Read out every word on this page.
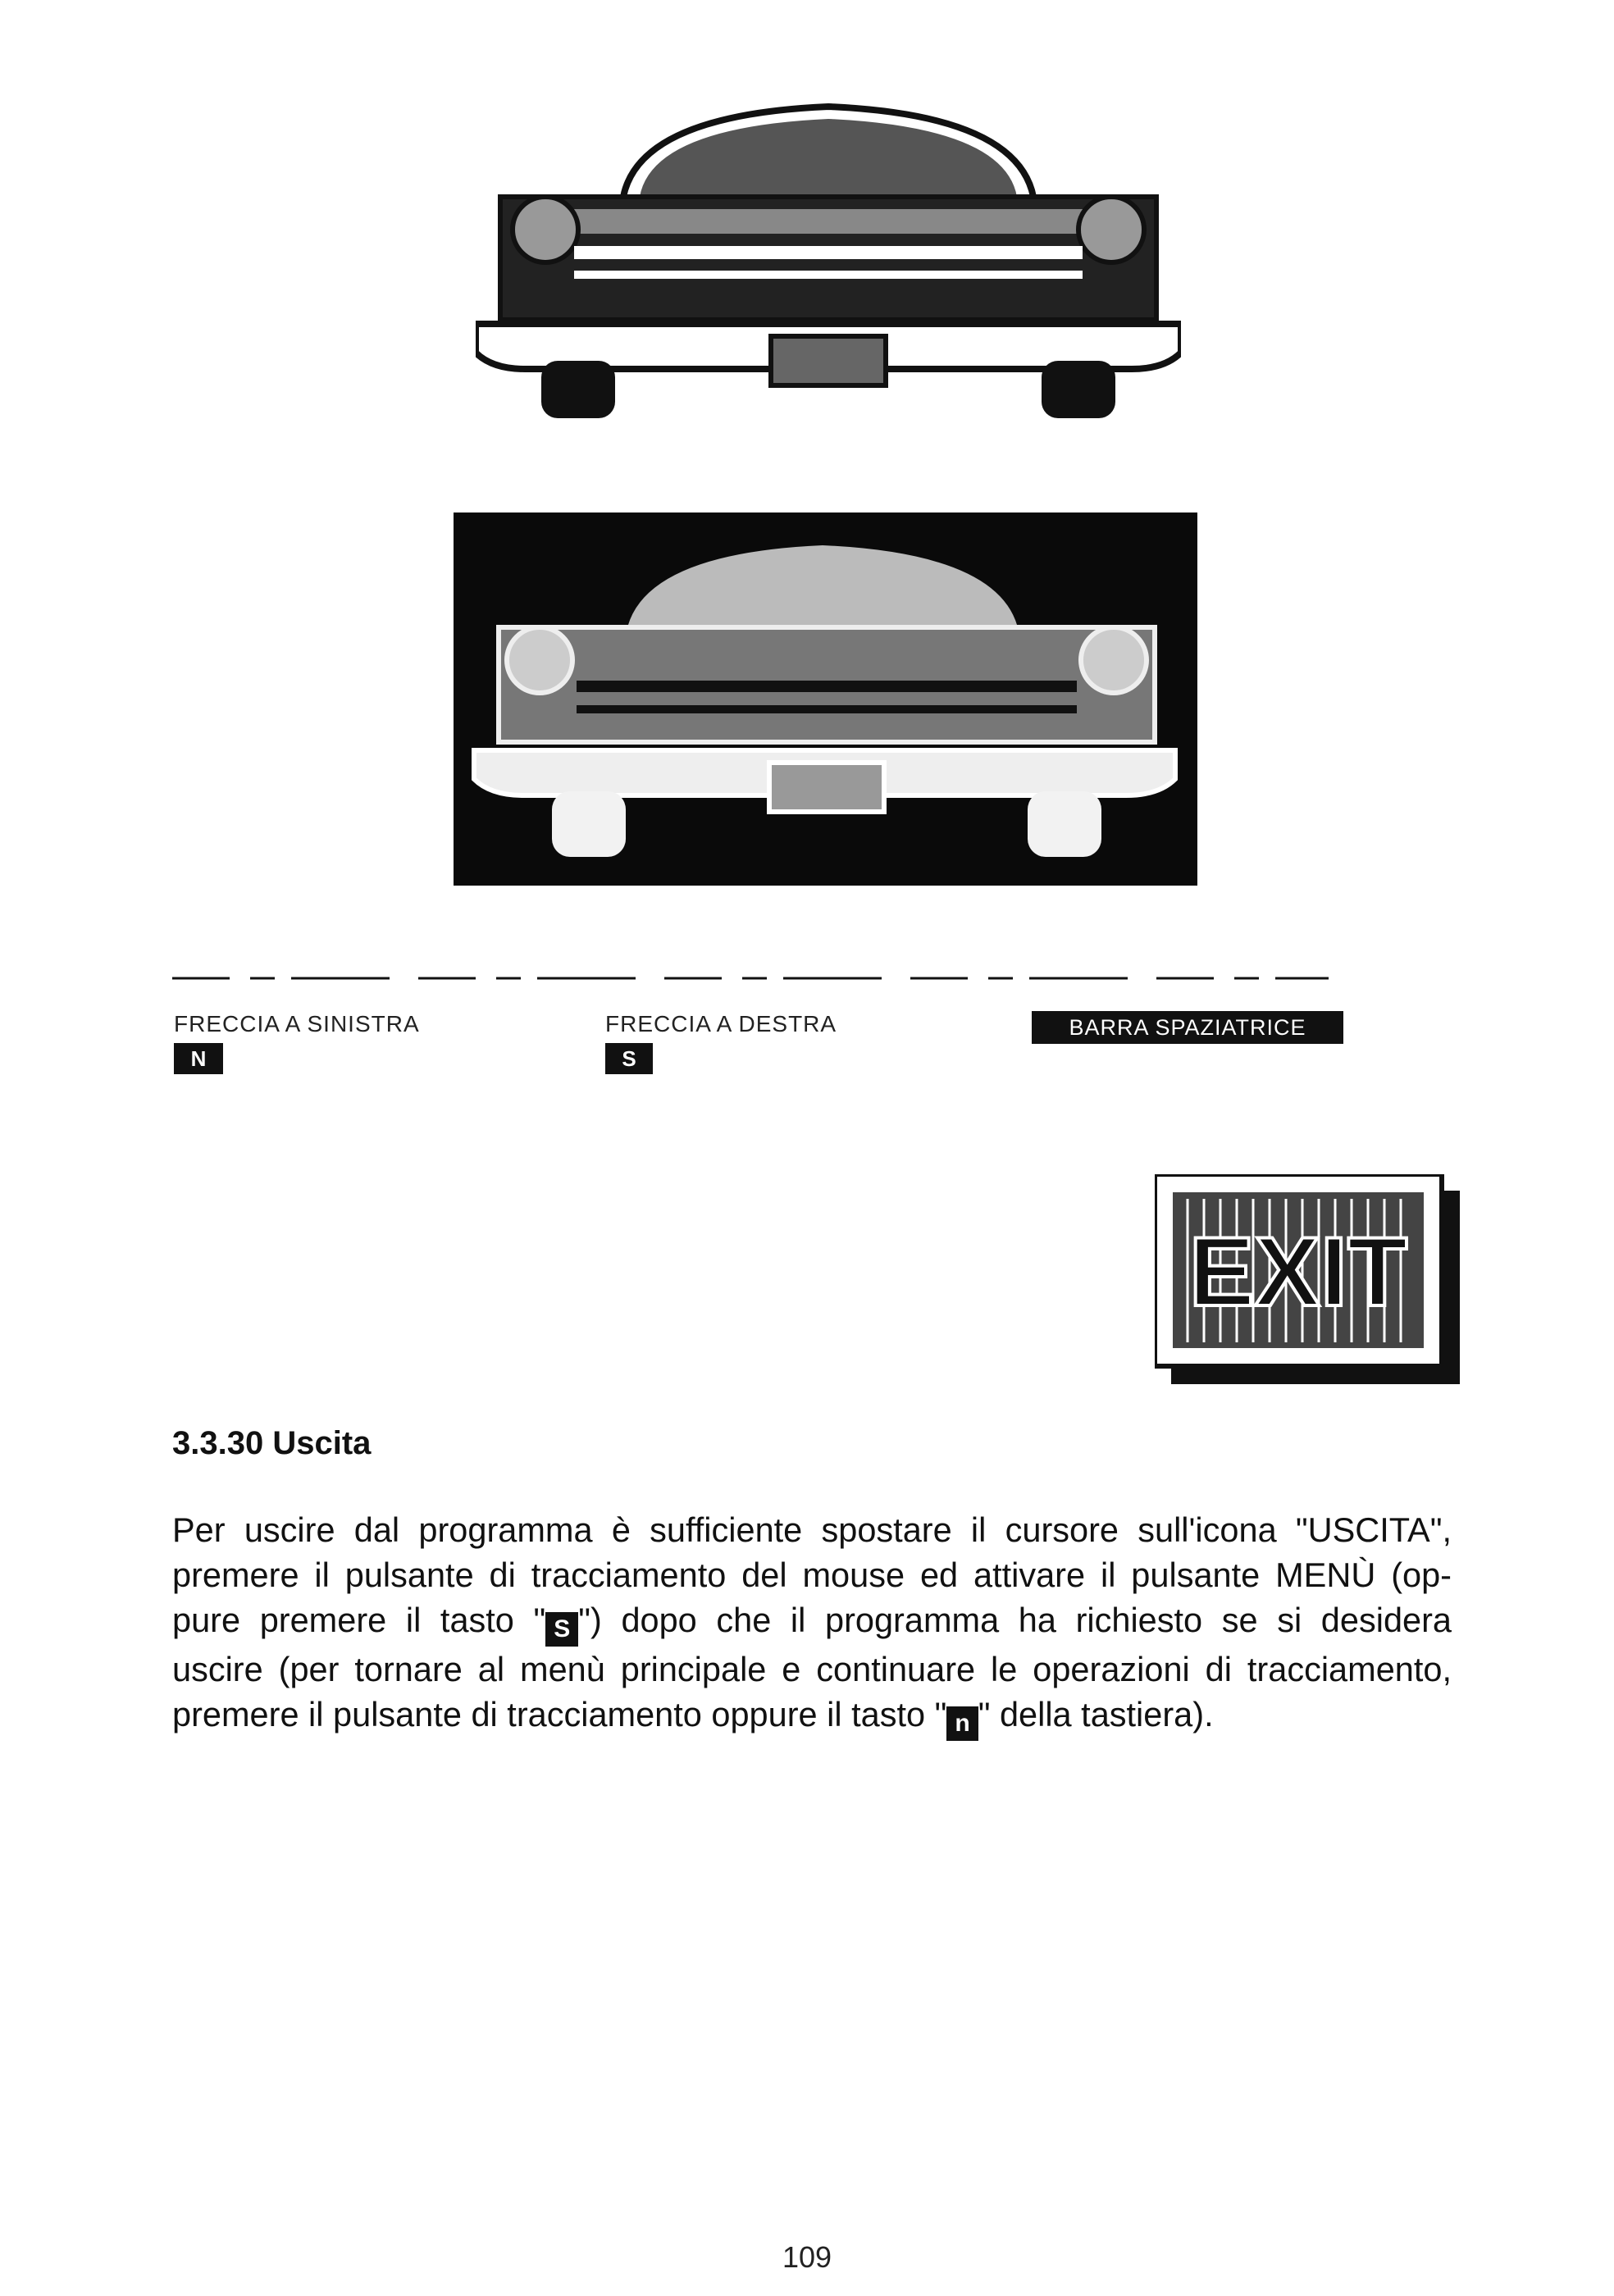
FRECCIA A SINISTRA
N
FRECCIA A DESTRA
S
BARRA SPAZIATRICE
EXIT
3.3.30 Uscita
Per uscire dal programma è sufficiente spostare il cursore sull'icona "USCITA",
premere il pulsante di tracciamento del mouse ed attivare il pulsante MENÙ (op-
pure premere il tasto " S ") dopo che il programma ha richiesto se si desidera
uscire (per tornare al menù principale e continuare le operazioni di tracciamento,
premere il pulsante di tracciamento oppure il tasto " n " della tastiera).
109
